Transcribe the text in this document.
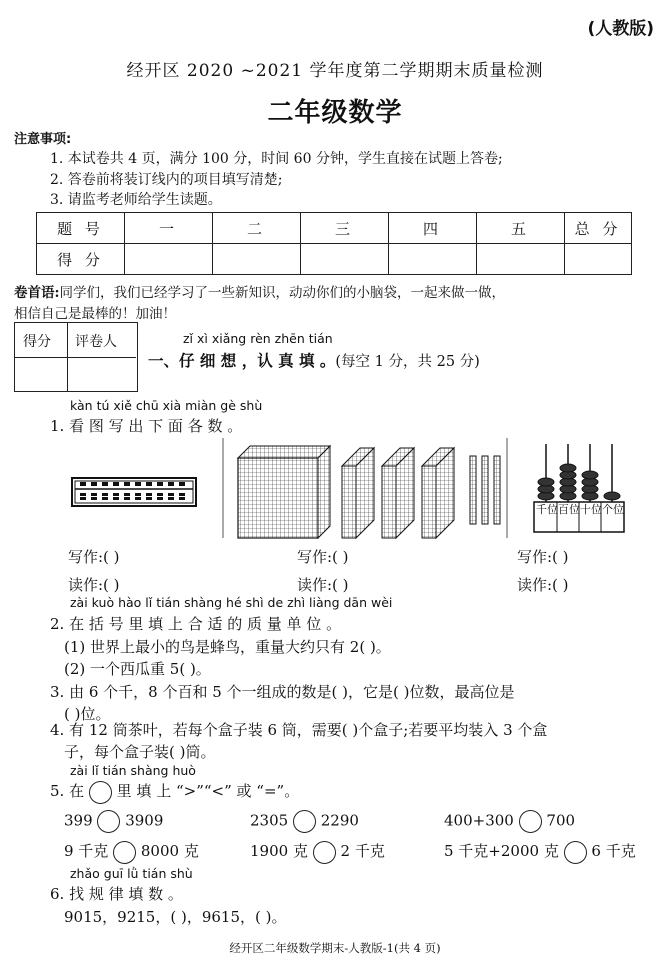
(人教版)
经开区 2020 ~2021 学年度第二学期期末质量检测
二年级数学
注意事项:
1. 本试卷共 4 页，满分 100 分，时间 60 分钟，学生直接在试题上答卷;
2. 答卷前将装订线内的项目填写清楚;
3. 请监考老师给学生读题。
题 号	一	二	三	四	五	总 分
得 分						
卷首语:同学们，我们已经学习了一些新知识，动动你们的小脑袋，一起来做一做，
相信自己是最棒的！加油！
得分 评卷人	zǐ xì xiǎng rèn zhēn tián
一、仔 细 想 ，认 真 填 。(每空 1 分，共 25 分)
kàn tú xiě chū xià miàn gè shù
1. 看 图 写 出 下 面 各 数 。
千位 百位 十位 个位
写作:( )	写作:( )	写作:( )
读作:( )	读作:( )	读作:( )
zài kuò hào lǐ tián shàng hé shì de zhì liàng dān wèi
2. 在 括 号 里 填 上 合 适 的 质 量 单 位 。
(1) 世界上最小的鸟是蜂鸟，重量大约只有 2( )。
(2) 一个西瓜重 5( )。
3. 由 6 个千，8 个百和 5 个一组成的数是( )，它是( )位数，最高位是
( )位。
4. 有 12 筒茶叶，若每个盒子装 6 筒，需要( )个盒子;若要平均装入 3 个盒
子，每个盒子装( )筒。
zài lǐ tián shàng huò
5. 在 里 填 上 “>”“<” 或 “=”。
399 3909	2305 2290	400+300 700
9 千克 8000 克	1900 克 2 千克	5 千克+2000 克 6 千克
zhǎo guī lǜ tián shù
6. 找 规 律 填 数 。
9015，9215，( )，9615，( )。
经开区二年级数学期末-人教版-1(共 4 页)
